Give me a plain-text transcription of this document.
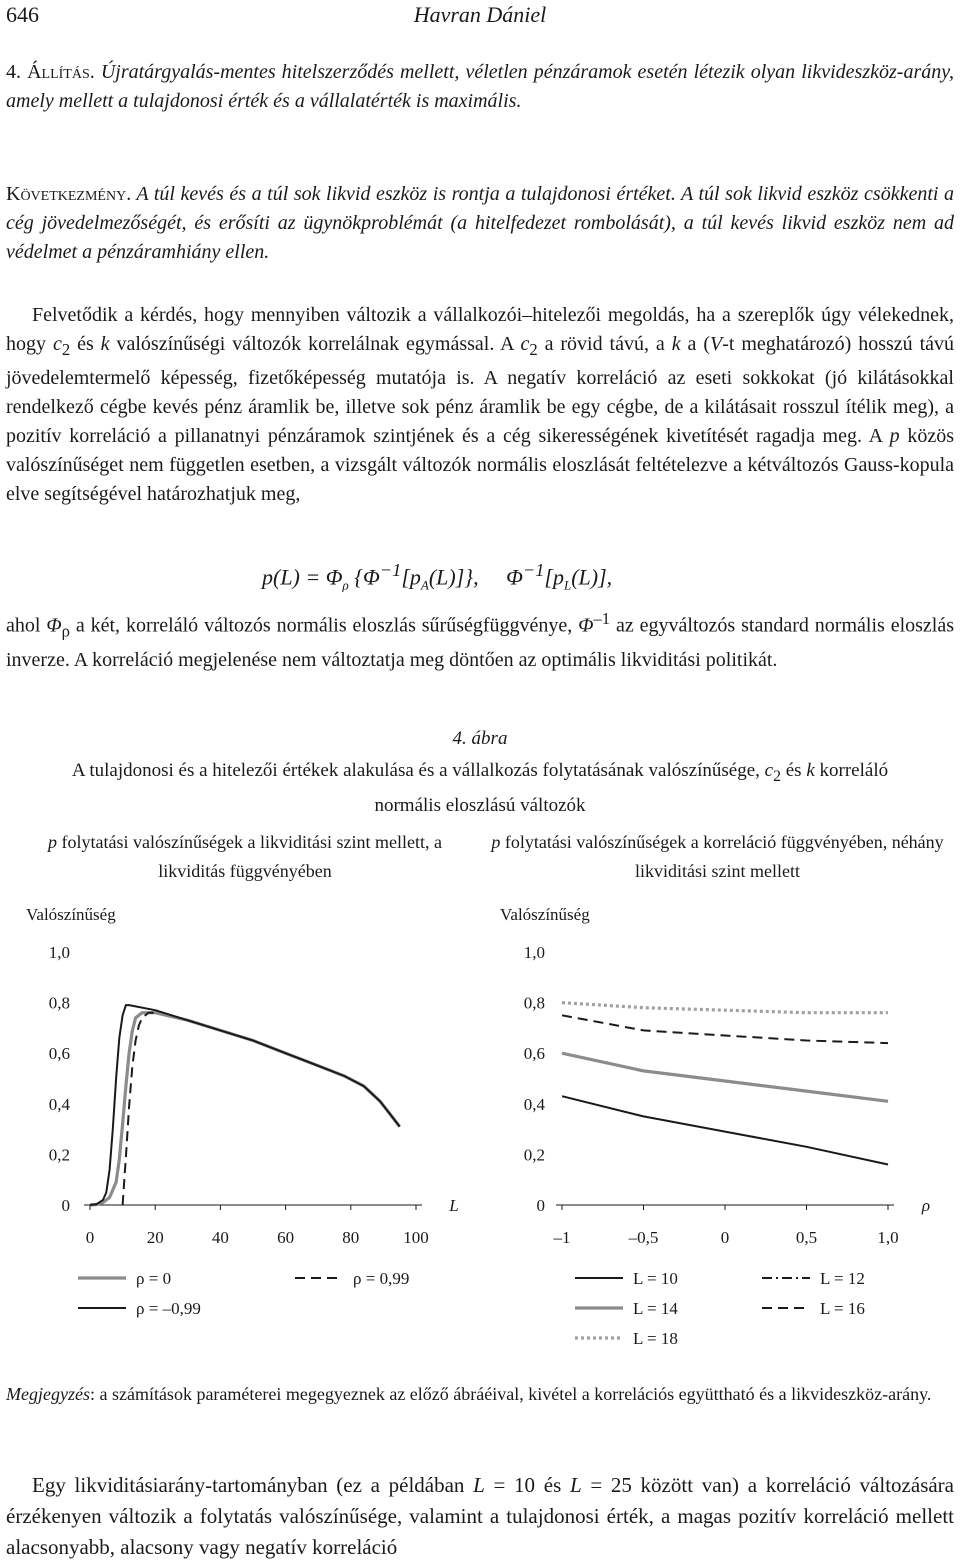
646	Havran Dániel
4. Állítás. Újratárgyalás-mentes hitelszerződés mellett, véletlen pénzáramok esetén létezik olyan likvideszköz-arány, amely mellett a tulajdonosi érték és a vállalatérték is maximális.
Következmény. A túl kevés és a túl sok likvid eszköz is rontja a tulajdonosi értéket. A túl sok likvid eszköz csökkenti a cég jövedelmezőségét, és erősíti az ügynökproblémát (a hitelfedezet rombolását), a túl kevés likvid eszköz nem ad védelmet a pénzáramhiány ellen.
Felvetődik a kérdés, hogy mennyiben változik a vállalkozói–hitelezői megoldás, ha a szereplők úgy vélekednek, hogy $c_2$ és k valószínűségi változók korrelálnak egymással. A $c_2$ a rövid távú, a k a (V-t meghatározó) hosszú távú jövedelemtermelő képesség, fizetőképesség mutatója is. A negatív korreláció az eseti sokkokat (jó kilátásokkal rendelkező cégbe kevés pénz áramlik be, illetve sok pénz áramlik be egy cégbe, de a kilátásait rosszul ítélik meg), a pozitív korreláció a pillanatnyi pénzáramok szintjének és a cég sikerességének kivetítését ragadja meg. A p közös valószínűséget nem független esetben, a vizsgált változók normális eloszlását feltételezve a kétváltozós Gauss-kopula elve segítségével határozhatjuk meg,
$p(L) = \Phi_\rho$ $\{\Phi^{-1}[p_A(L)]\}$,     $\Phi^{-1}[p_L(L)]$,
ahol $\Phi_\rho$ a két, korreláló változós normális eloszlás sűrűségfüggvénye, $\Phi^{-1}$ az egyváltozós standard normális eloszlás inverze. A korreláció megjelenése nem változtatja meg döntően az optimális likviditási politikát.
4. ábra
A tulajdonosi és a hitelezői értékek alakulása és a vállalkozás folytatásának valószínűsége, $c_2$ és k korreláló normális eloszlású változók
p folytatási valószínűségek a likviditási szint mellett, a likviditás függvényében
p folytatási valószínűségek a korreláció függvényében, néhány likviditási szint mellett
Valószínűség
0
0,2
0,4
0,6
0,8
1,0
0	20	40	60	80	100
L
Valószínűség
0
0,2
0,4
0,6
0,8
1,0
–1	–0,5	0	0,5	1,0
ρ
ρ = 0	ρ = 0,99
ρ = –0,99
L = 10	L = 12
L = 14	L = 16
L = 18
Megjegyzés: a számítások paraméterei megegyeznek az előző ábráéival, kivétel a korrelációs együttható és a likvideszköz-arány.
Egy likviditásiarány-tartományban (ez a példában L = 10 és L = 25 között van) a korreláció változására érzékenyen változik a folytatás valószínűsége, valamint a tulajdonosi érték, a magas pozitív korreláció mellett alacsonyabb, alacsony vagy negatív korreláció
